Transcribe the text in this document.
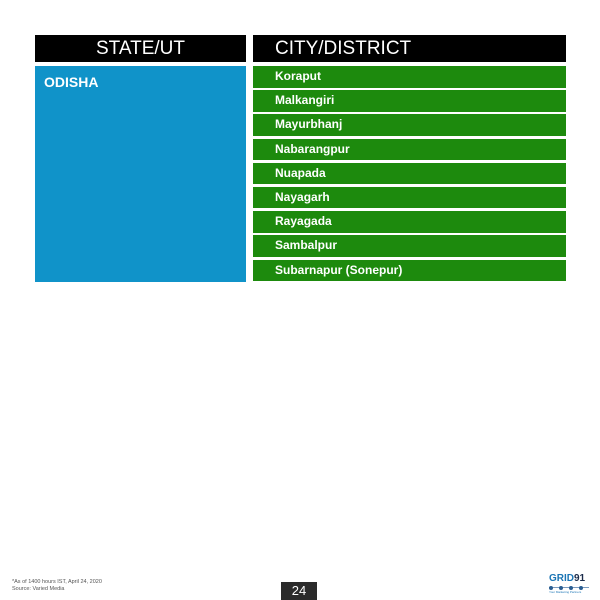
STATE/UT	CITY/DISTRICT
ODISHA	Koraput
Malkangiri
Mayurbhanj
Nabarangpur
Nuapada
Nayagarh
Rayagada
Sambalpur
Subarnapur (Sonepur)
*As of 1400 hours IST, April 24, 2020
Source: Varied Media	24
GRID91
Your Marketing Partners
